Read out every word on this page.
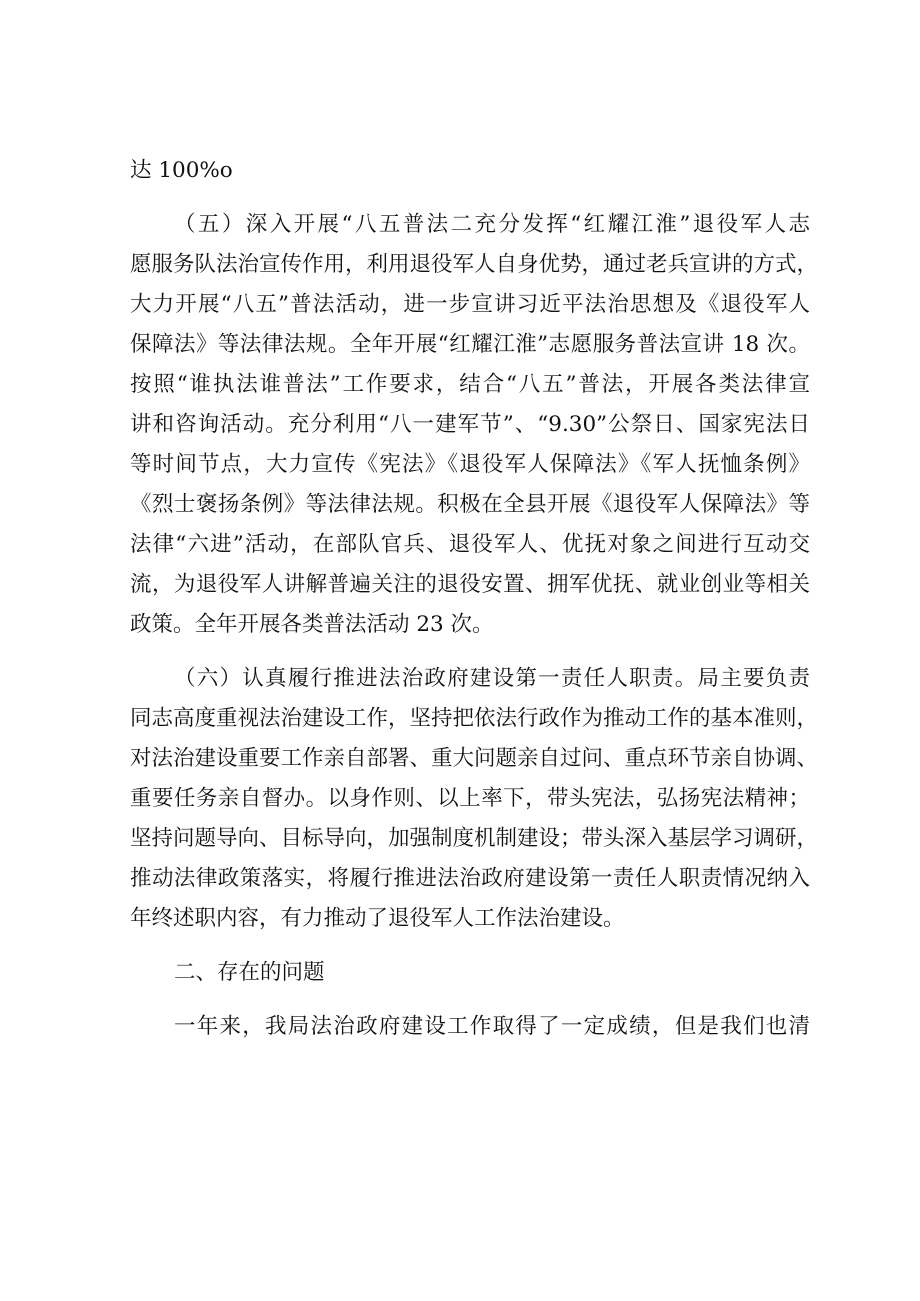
达 100%o
（五）深入开展“八五普法二充分发挥“红耀江淮”退役军人志
愿服务队法治宣传作用，利用退役军人自身优势，通过老兵宣讲的方式，
大力开展“八五”普法活动，进一步宣讲习近平法治思想及《退役军人
保障法》等法律法规。全年开展“红耀江淮”志愿服务普法宣讲 18 次。
按照“谁执法谁普法”工作要求，结合“八五”普法，开展各类法律宣
讲和咨询活动。充分利用“八一建军节”、“9.30”公祭日、国家宪法日
等时间节点，大力宣传《宪法》《退役军人保障法》《军人抚恤条例》
《烈士褒扬条例》等法律法规。积极在全县开展《退役军人保障法》等
法律“六进”活动，在部队官兵、退役军人、优抚对象之间进行互动交
流，为退役军人讲解普遍关注的退役安置、拥军优抚、就业创业等相关
政策。全年开展各类普法活动 23 次。
（六）认真履行推进法治政府建设第一责任人职责。局主要负责
同志高度重视法治建设工作，坚持把依法行政作为推动工作的基本准则，
对法治建设重要工作亲自部署、重大问题亲自过问、重点环节亲自协调、
重要任务亲自督办。以身作则、以上率下，带头宪法，弘扬宪法精神；
坚持问题导向、目标导向，加强制度机制建设；带头深入基层学习调研，
推动法律政策落实，将履行推进法治政府建设第一责任人职责情况纳入
年终述职内容，有力推动了退役军人工作法治建设。
二、存在的问题
一年来，我局法治政府建设工作取得了一定成绩，但是我们也清
